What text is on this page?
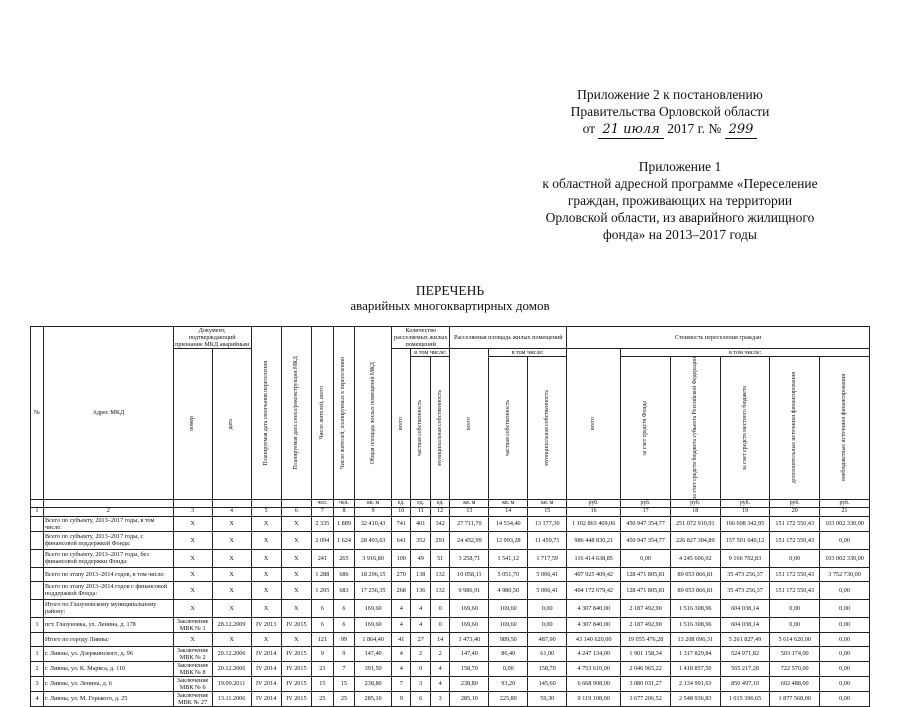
Приложение 2 к постановлению
Правительства Орловской области
от 21 июля 2017 г. № 299
Приложение 1
к областной адресной программе «Переселение
граждан, проживающих на территории
Орловской области, из аварийного жилищного
фонда» на 2013–2017 годы
ПЕРЕЧЕНЬ
аварийных многоквартирных домов
№	Адрес МКД	Документ, подтверждающий признание МКД аварийным		Планируемая дата окончания переселения	Планируемая дата сноса/реконструкции МКД	Число жителей, всего	Число жителей, планируемых к переселению	Общая площадь жилых помещений МКД	Количество расселяемых жилых помещений			Расселяемая площадь жилых помещений			Стоимость переселения граждан					

		номер	дата						всего	в том числе:		всего	в том числе:		всего	в том числе:				

										частная собственность	муниципальная собственность		частная собственность	муниципальная собственность		за счет средств Фонда	за счет средств бюджета субъекта Российской Федерации	за счет средств местного бюджета	дополнительные источники финансирования	внебюджетные источники финансирования

						чел.	чел.	кв. м	ед.	ед.	ед.	кв. м	кв. м	кв. м	руб.	руб.	руб.	руб.	руб.	руб.
1	2	3	4	5	6	7	8	9	10	11	12	13	14	15	16	17	18	19	20	21
	Всего по субъекту, 2013–2017 годы, в том числе:	X	X	X	X	2 335	1 889	32 410,43	741	401	342	27 711,70	14 534,40	13 177,30	1 102 863 469,06	450 947 354,77	251 072 910,91	166 608 342,95	151 172 550,43	103 002 330,00
	Всего по субъекту, 2013–2017 годы, с финансовой поддержкой Фонда:	X	X	X	X	2 094	1 624	28 493,63	641	352	291	24 452,99	12 993,28	11 459,71	986 448 830,21	450 947 354,77	226 827 304,89	157 501 640,12	151 172 550,43	0,00
	Всего по субъекту, 2013–2017 годы, без финансовой поддержки Фонда:	X	X	X	X	241	265	3 916,80	100	49	51	3 258,71	1 541,12	1 717,59	116 414 638,85	0,00	4 245 606,02	9 166 702,83	0,00	103 002 330,00
	Всего по этапу 2013–2014 годов, в том числе:	X	X	X	X	1 288	686	18 296,15	270	138	132	10 058,11	5 051,70	5 006,41	407 925 409,42	128 471 805,81	89 053 866,81	35 473 256,37	151 172 550,43	3 752 730,00
	Всего по этапу 2013–2014 годов с финансовой поддержкой Фонда:	X	X	X	X	1 205	683	17 256,35	268	136	132	9 986,91	4 980,50	5 006,41	404 172 679,42	128 471 805,81	89 053 866,81	35 473 256,37	151 172 550,43	0,00
	Итого по Глазуновскому муниципальному району:	X	X	X	X	6	6	169,60	4	4	0	169,60	169,60	0,00	4 307 840,00	2 187 492,90	1 516 308,96	604 038,14	0,00	0,00
1	пгт. Глазуновка, ул. Ленина, д. 178	Заключение МВК № 1	28.12.2009	IV 2013	IV 2015	6	6	169,60	4	4	0	169,60	169,60	0,00	4 307 840,00	2 187 492,90	1 516 308,96	604 038,14	0,00	0,00
	Итого по городу Ливны:	X	X	X	X	121	99	1 864,40	41	27	14	1 473,40	989,50	487,90	43 140 620,00	19 055 476,28	13 208 696,31	5 261 827,49	5 614 620,00	0,00
1	г. Ливны, ул. Дзержинского, д. 96	Заключение МВК № 2	20.12.2006	IV 2014	IV 2015	9	9	147,40	4	2	2	147,40	86,40	61,00	4 247 134,00	1 901 158,34	1 317 829,84	524 971,82	503 174,00	0,00
2	г. Ливны, ул. К. Маркса, д. 110	Заключение МВК № 8	20.12.2006	IV 2014	IV 2015	23	7	391,50	4	0	4	158,70	0,00	158,70	4 753 610,00	2 046 965,22	1 418 857,50	565 217,28	722 570,00	0,00
3	г. Ливны, ул. Ленина, д. 6	Заключение МВК № 6	19.09.2011	IV 2014	IV 2015	15	15	238,80	7	3	4	238,80	93,20	145,60	6 668 908,00	3 080 031,27	2 134 991,63	850 497,10	602 488,00	0,00
4	г. Ливны, ул. М. Горького, д. 25	Заключение МВК № 27	13.11.2006	IV 2014	IV 2015	25	25	285,10	9	6	3	285,10	225,80	59,30	9 119 108,00	3 677 206,52	2 548 936,83	1 015 396,65	1 877 568,00	0,00
